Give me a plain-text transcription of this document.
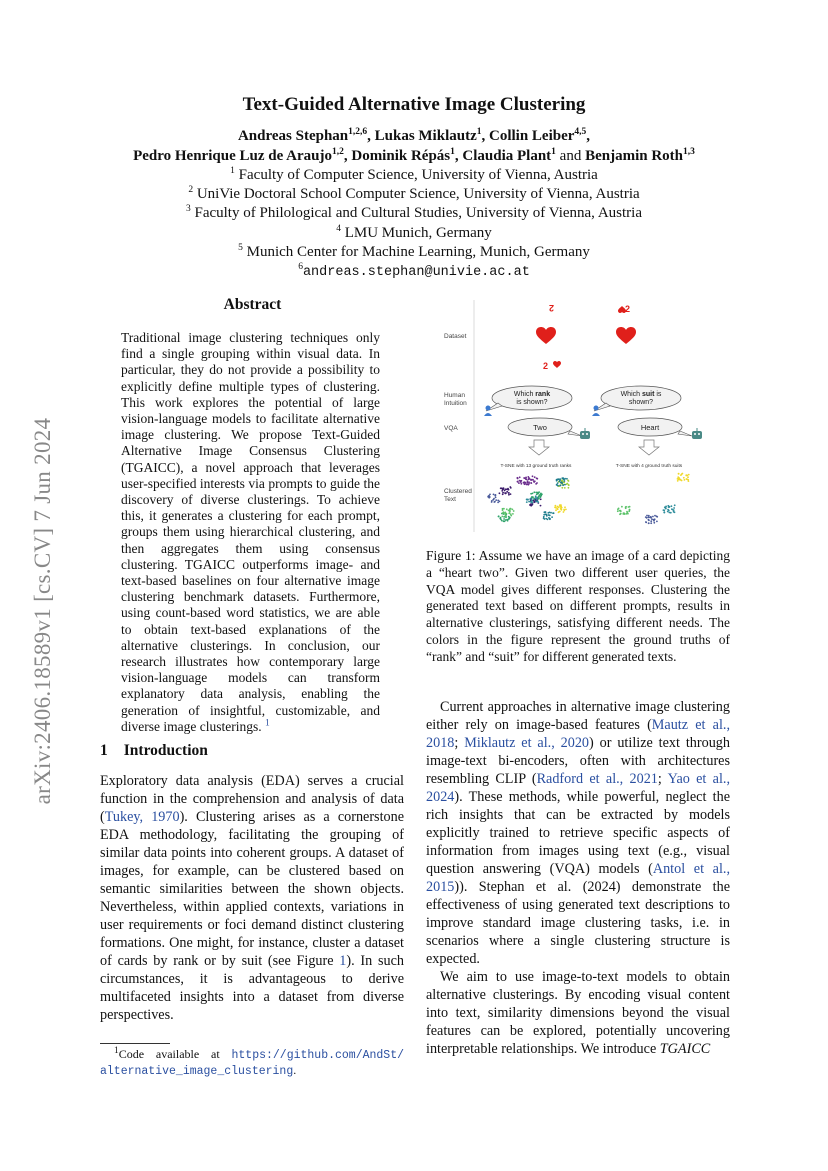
arXiv:2406.18589v1 [cs.CV] 7 Jun 2024
Text-Guided Alternative Image Clustering
Andreas Stephan$^{1,2,6}$, Lukas Miklautz$^1$, Collin Leiber$^{4,5}$,
Pedro Henrique Luz de Araujo$^{1,2}$, Dominik Répás$^1$, Claudia Plant$^1$ and Benjamin Roth$^{1,3}$
$^1$ Faculty of Computer Science, University of Vienna, Austria
$^2$ UniVie Doctoral School Computer Science, University of Vienna, Austria
$^3$ Faculty of Philological and Cultural Studies, University of Vienna, Austria
$^4$ LMU Munich, Germany
$^5$ Munich Center for Machine Learning, Munich, Germany
$^6$andreas.stephan@univie.ac.at
Abstract
Traditional image clustering techniques only find a single grouping within visual data. In particular, they do not provide a possibility to explicitly define multiple types of clustering. This work explores the potential of large vision-language models to facilitate alternative image clustering. We propose Text-Guided Alternative Image Consensus Clustering (TGAICC), a novel approach that leverages user-specified interests via prompts to guide the discovery of diverse clusterings. To achieve this, it generates a clustering for each prompt, groups them using hierarchical clustering, and then aggregates them using consensus clustering. TGAICC outperforms image- and text-based baselines on four alternative image clustering benchmark datasets. Furthermore, using count-based word statistics, we are able to obtain text-based explanations of the alternative clusterings. In conclusion, our research illustrates how contemporary large vision-language models can transform explanatory data analysis, enabling the generation of insightful, customizable, and diverse image clusterings. $^1$
1 Introduction

Exploratory data analysis (EDA) serves a crucial function in the comprehension and analysis of data (Tukey, 1970). Clustering arises as a cornerstone EDA methodology, facilitating the grouping of similar data points into coherent groups. A dataset of images, for example, can be clustered based on semantic similarities between the shown objects. Nevertheless, within applied contexts, variations in user requirements or foci demand distinct clustering formations. One might, for instance, cluster a dataset of cards by rank or by suit (see Figure 1). In such circumstances, it is advantageous to derive multifaceted insights into a dataset from diverse perspectives.

$^1$Code available at https://github.com/AndSt/
alternative_image_clustering.
Dataset
Human
Intuition
VQA
Clustered
Text
2
2
2
Which rank
is shown?
Which suit is
shown?
Two	Heart
T-SNE with 13 ground truth ranks	T-SNE with 4 ground truth suits
Figure 1: Assume we have an image of a card depicting a “heart two”. Given two different user queries, the VQA model gives different responses. Clustering the generated text based on different prompts, results in alternative clusterings, satisfying different needs. The colors in the figure represent the ground truths of “rank” and “suit” for different generated texts.

Current approaches in alternative image clustering either rely on image-based features (Mautz et al., 2018; Miklautz et al., 2020) or utilize text through image-text bi-encoders, often with architectures resembling CLIP (Radford et al., 2021; Yao et al., 2024). These methods, while powerful, neglect the rich insights that can be extracted by models explicitly trained to retrieve specific aspects of information from images using text (e.g., visual question answering (VQA) models (Antol et al., 2015)). Stephan et al. (2024) demonstrate the effectiveness of using generated text descriptions to improve standard image clustering tasks, i.e. in scenarios where a single clustering structure is expected.

We aim to use image-to-text models to obtain alternative clusterings. By encoding visual content into text, similarity dimensions beyond the visual features can be explored, potentially uncovering interpretable relationships. We introduce TGAICC
